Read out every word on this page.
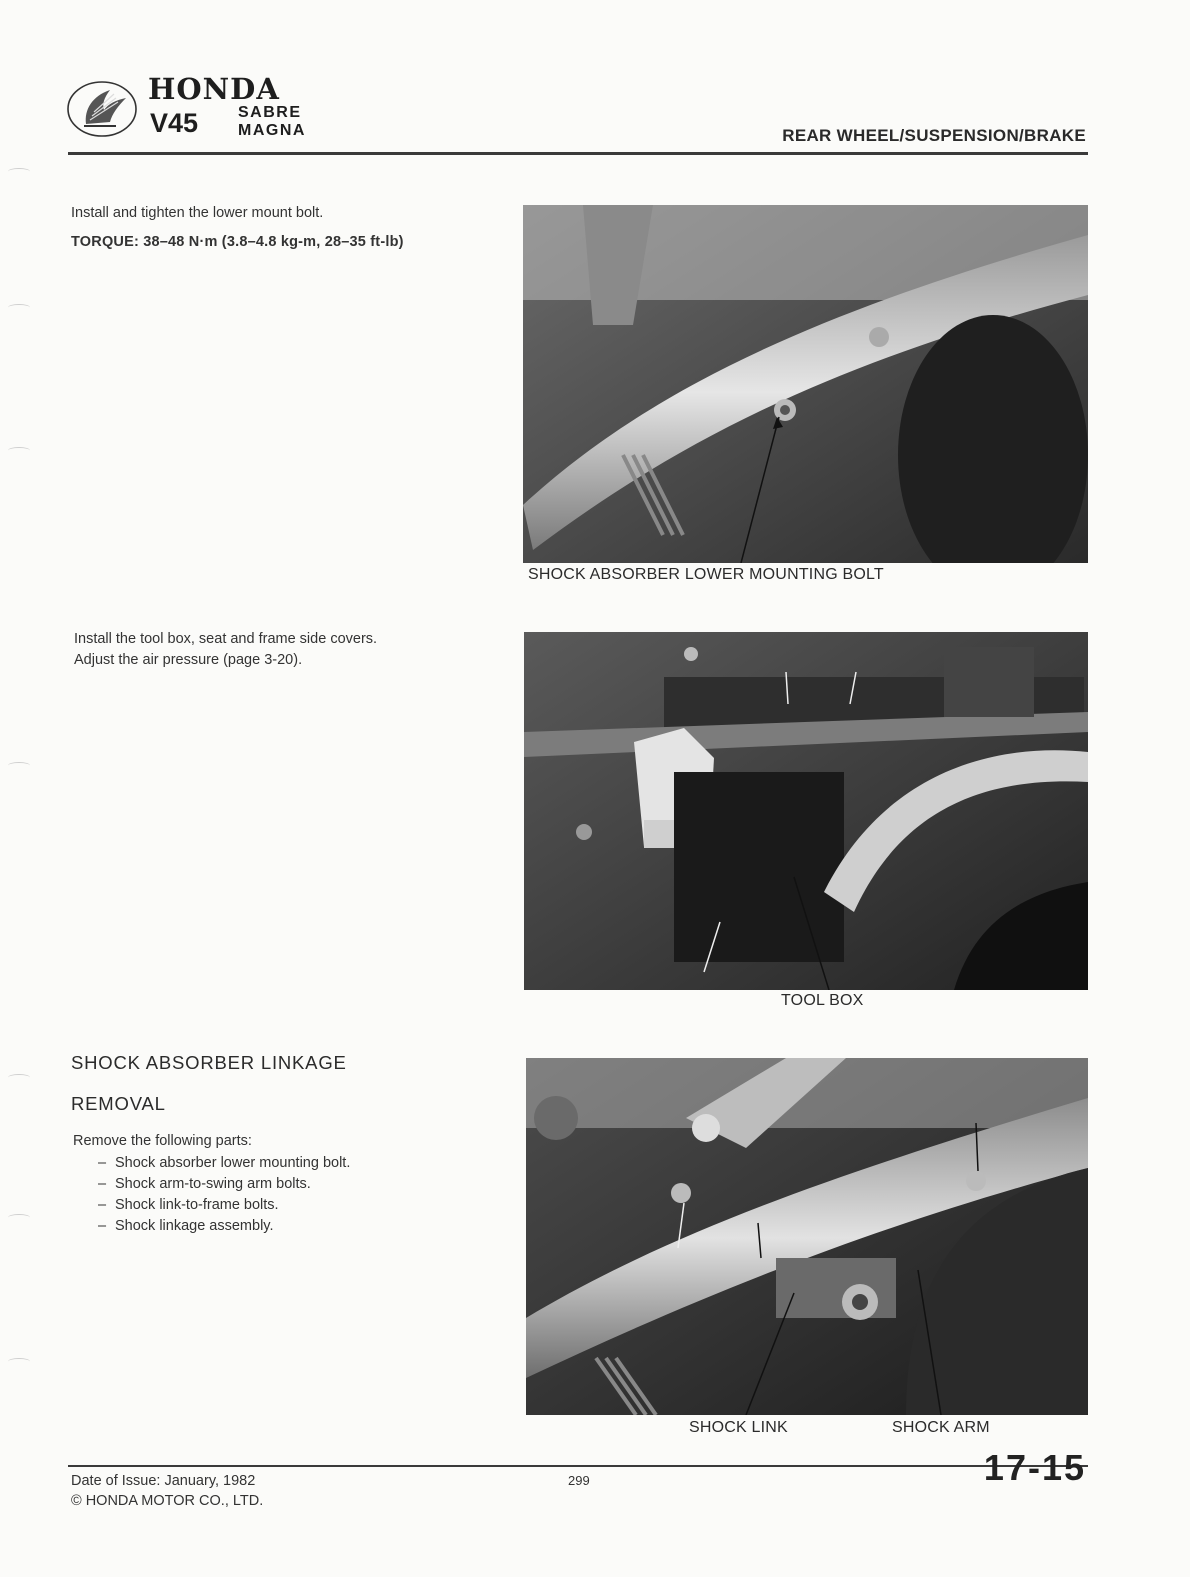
HONDA
V45 SABRE
MAGNA	REAR WHEEL/SUSPENSION/BRAKE
Install and tighten the lower mount bolt.
TORQUE: 38–48 N·m (3.8–4.8 kg-m, 28–35 ft-lb)
SHOCK ABSORBER LOWER MOUNTING BOLT
Install the tool box, seat and frame side covers.
Adjust the air pressure (page 3-20).
TOOL BOX
SHOCK ABSORBER LINKAGE
REMOVAL
Remove the following parts:
– Shock absorber lower mounting bolt.
– Shock arm-to-swing arm bolts.
– Shock link-to-frame bolts.
– Shock linkage assembly.
SHOCK LINK	SHOCK ARM
Date of Issue: January, 1982
© HONDA MOTOR CO., LTD.
299	17-15
